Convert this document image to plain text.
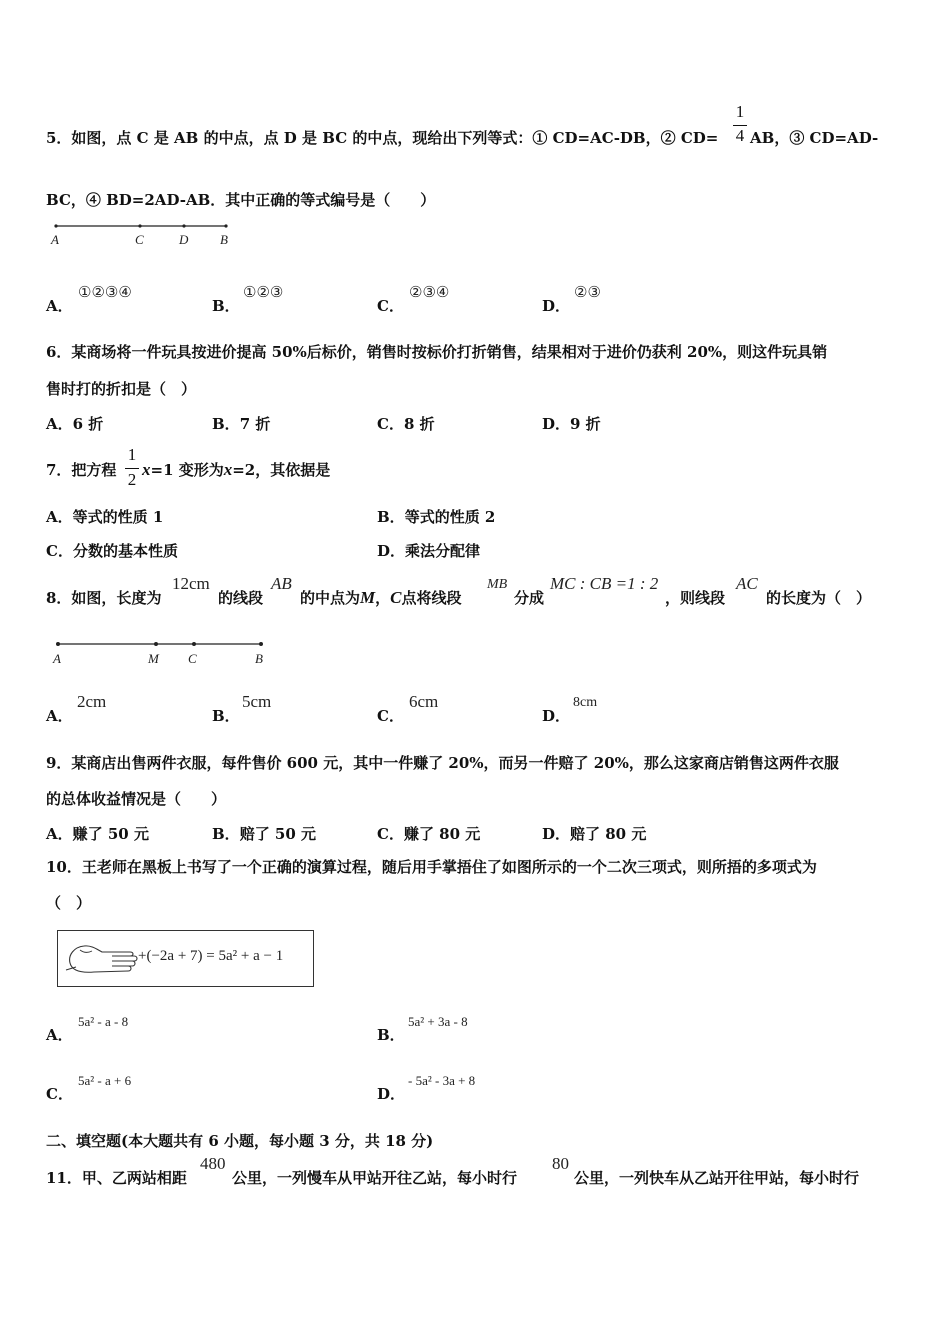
5．如图，点 C 是 AB 的中点，点 D 是 BC 的中点，现给出下列等式：① CD=AC-DB，② CD=
1
4 AB，③ CD=AD-
BC，④ BD=2AD-AB．其中正确的等式编号是（　　）
A	C	D B
A．
①②③④
B．
①②③
C．
②③④
D．
②③
6．某商场将一件玩具按进价提高 50%后标价，销售时按标价打折销售，结果相对于进价仍获利 20%，则这件玩具销
售时打的折扣是（　）
A．6 折	B．7 折	C．8 折	D．9 折
7．把方程
1
2
x=1 变形为x=2，其依据是
A．等式的性质 1	B．等式的性质 2
C．分数的基本性质	D．乘法分配律
8．如图，长度为
12cm
的线段
AB
的中点为M，C点将线段
MB
分成
MC : CB =1 : 2
，则线段
AC
的长度为（　）
A	M C	B
A．
2cm
B．
5cm
C．
6cm
D．
8cm
9．某商店出售两件衣服，每件售价 600 元，其中一件赚了 20%，而另一件赔了 20%，那么这家商店销售这两件衣服
的总体收益情况是（　　）
A．赚了 50 元	B．赔了 50 元	C．赚了 80 元	D．赔了 80 元
10．王老师在黑板上书写了一个正确的演算过程，随后用手掌捂住了如图所示的一个二次三项式，则所捂的多项式为
（　）
+(−2a + 7) = 5a² + a − 1
A．
5a² - a - 8
B．
5a² + 3a - 8
C．
5a² - a + 6
D．
- 5a² - 3a + 8
二、填空题(本大题共有 6 小题，每小题 3 分，共 18 分)
11．甲、乙两站相距
480
公里，一列慢车从甲站开往乙站，每小时行
80
公里，一列快车从乙站开往甲站，每小时行
